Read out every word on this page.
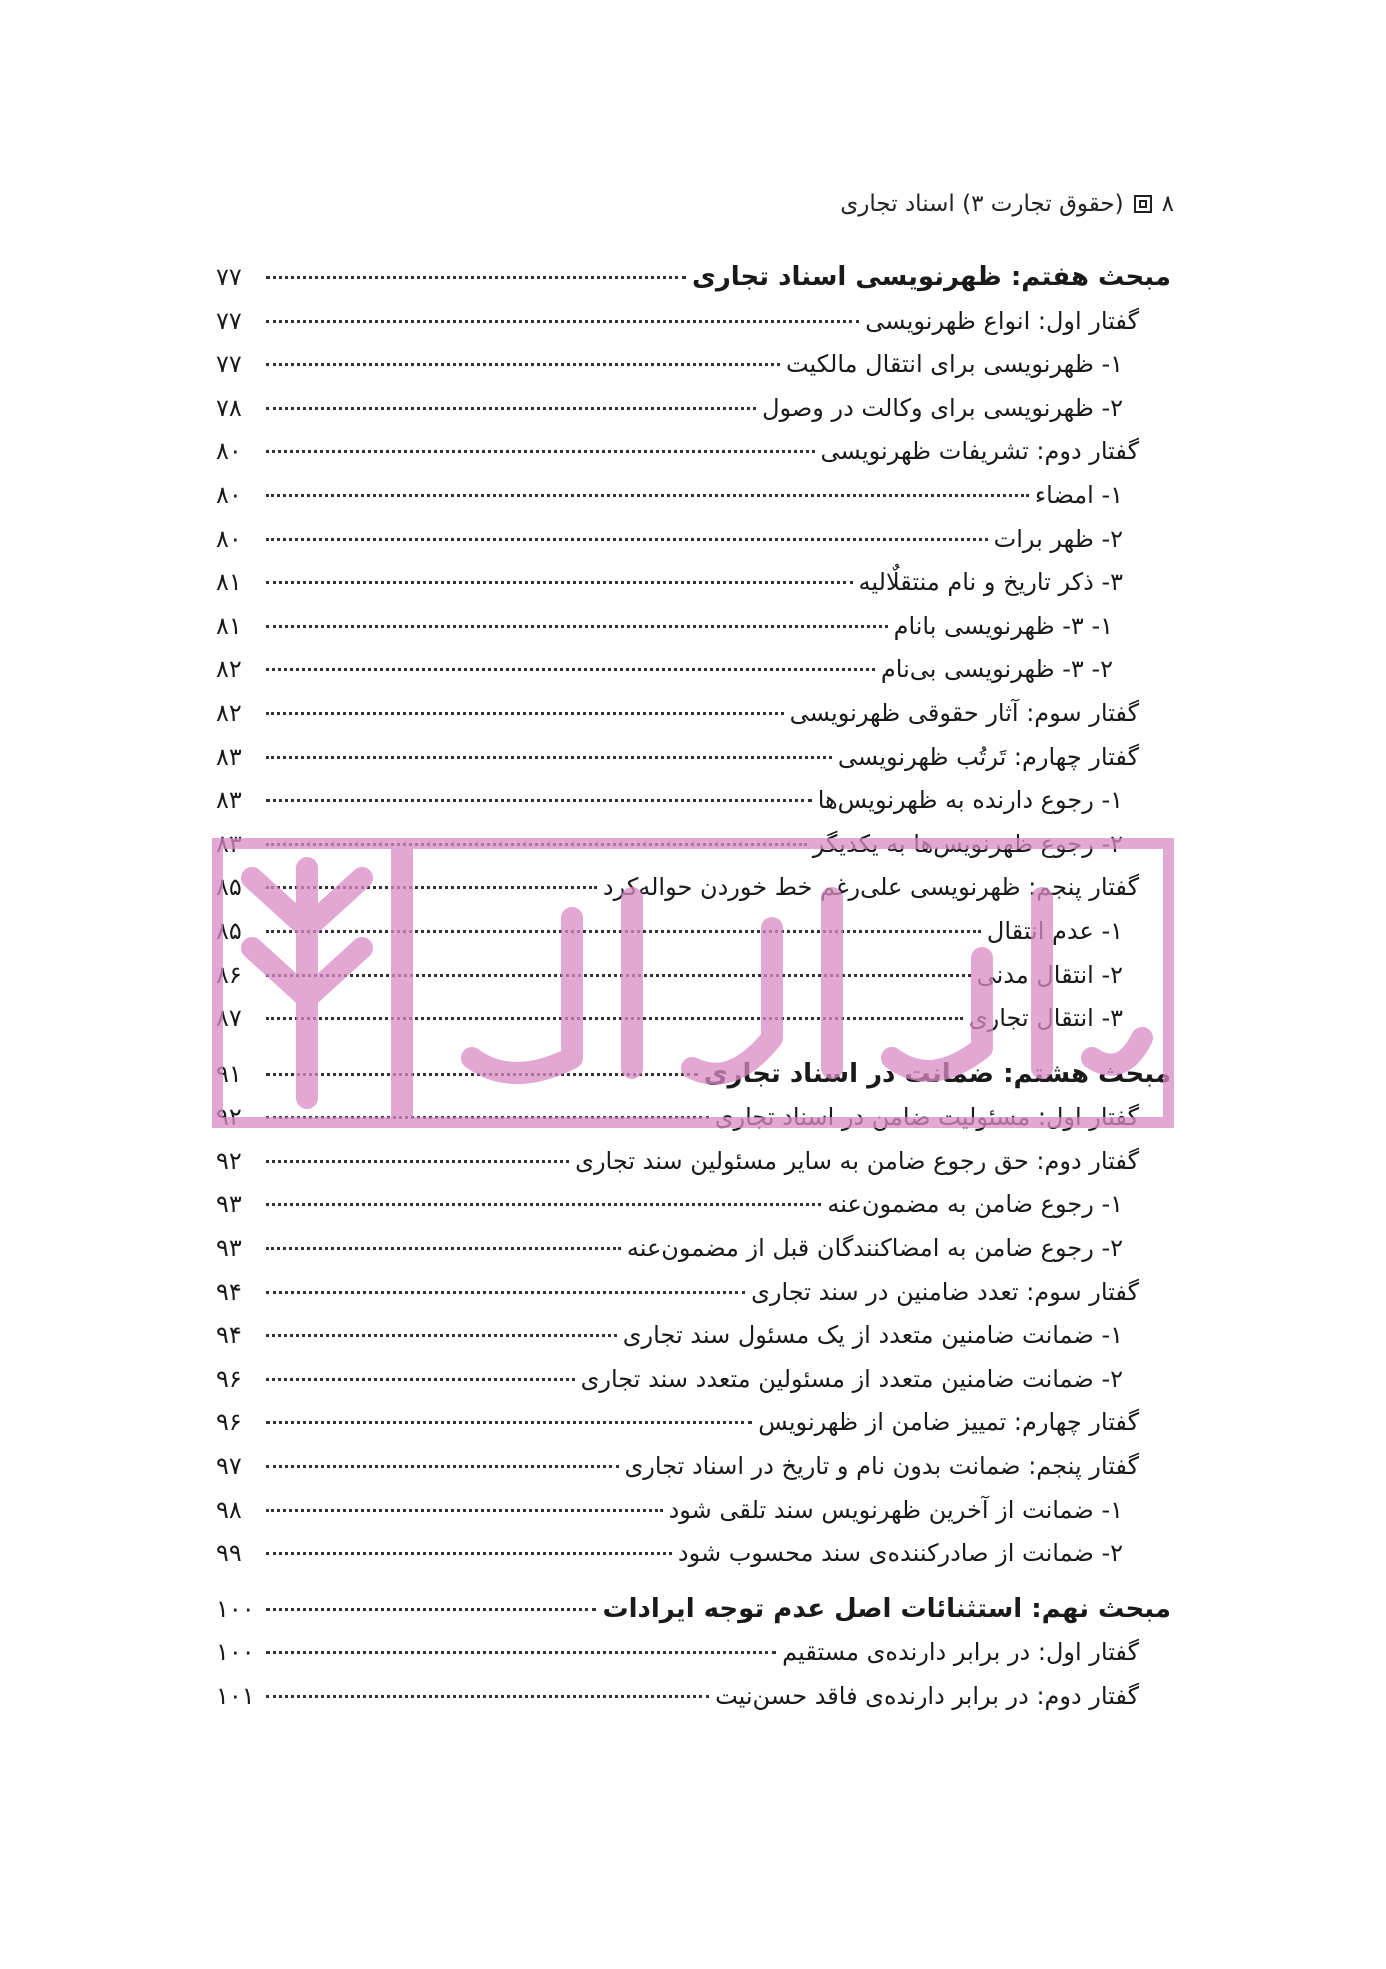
۸
(حقوق تجارت ۳) اسناد تجاری
مبحث هفتم: ظهرنویسی اسناد تجاری
۷۷
گفتار اول: انواع ظهرنویسی
۷۷
۱- ظهرنویسی برای انتقال مالکیت
۷۷
۲- ظهرنویسی برای وکالت در وصول
۷۸
گفتار دوم: تشریفات ظهرنویسی
۸۰
۱- امضاء
۸۰
۲- ظهر برات
۸۰
۳- ذکر تاریخ و نام منتقلٌالیه
۸۱
۱- ۳- ظهرنویسی بانام
۸۱
۲- ۳- ظهرنویسی بی‌نام
۸۲
گفتار سوم: آثار حقوقی ظهرنویسی
۸۲
گفتار چهارم: تَرتُب ظهرنویسی
۸۳
۱- رجوع دارنده به ظهرنویس‌ها
۸۳
۲- رجوع ظهرنویس‌ها به یکدیگر
۸۳
گفتار پنجم: ظهرنویسی علی‌رغم خط خوردن حواله‌کرد
۸۵
۱- عدم انتقال
۸۵
۲- انتقال مدنی
۸۶
۳- انتقال تجاری
۸۷
مبحث هشتم: ضمانت در اسناد تجاری
۹۱
گفتار اول: مسئولیت ضامن در اسناد تجاری
۹۲
گفتار دوم: حق رجوع ضامن به سایر مسئولین سند تجاری
۹۲
۱- رجوع ضامن به مضمون‌عنه
۹۳
۲- رجوع ضامن به امضاکنندگان قبل از مضمون‌عنه
۹۳
گفتار سوم: تعدد ضامنین در سند تجاری
۹۴
۱- ضمانت ضامنین متعدد از یک مسئول سند تجاری
۹۴
۲- ضمانت ضامنین متعدد از مسئولین متعدد سند تجاری
۹۶
گفتار چهارم: تمییز ضامن از ظهرنویس
۹۶
گفتار پنجم: ضمانت بدون نام و تاریخ در اسناد تجاری
۹۷
۱- ضمانت از آخرین ظهرنویس سند تلقی شود
۹۸
۲- ضمانت از صادرکننده‌ی سند محسوب شود
۹۹
مبحث نهم: استثنائات اصل عدم توجه ایرادات
۱۰۰
گفتار اول: در برابر دارنده‌ی مستقیم
۱۰۰
گفتار دوم: در برابر دارنده‌ی فاقد حسن‌نیت
۱۰۱
